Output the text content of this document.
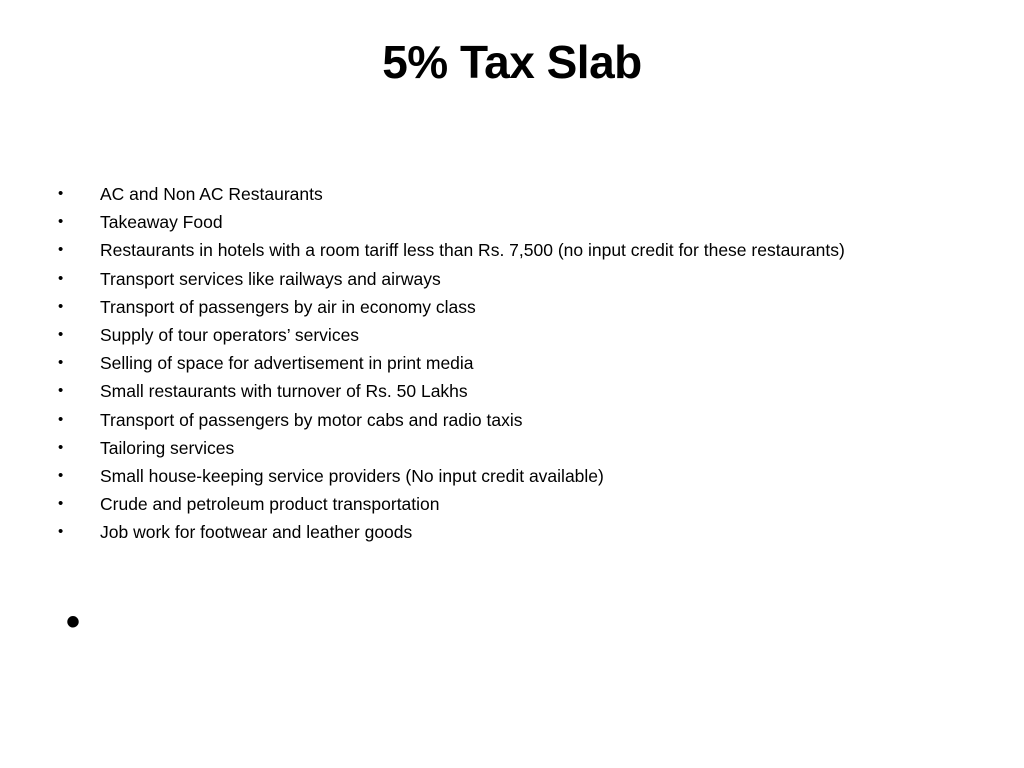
5% Tax Slab
•	AC and Non AC Restaurants
•	Takeaway Food
•	Restaurants in hotels with a room tariff less than Rs. 7,500 (no input credit for these restaurants)
•	Transport services like railways and airways
•	Transport of passengers by air in economy class
•	Supply of tour operators’ services
•	Selling of space for advertisement in print media
•	Small restaurants with turnover of Rs. 50 Lakhs
•	Transport of passengers by motor cabs and radio taxis
•	Tailoring services
•	Small house-keeping service providers (No input credit available)
•	Crude and petroleum product transportation
•	Job work for footwear and leather goods
•
